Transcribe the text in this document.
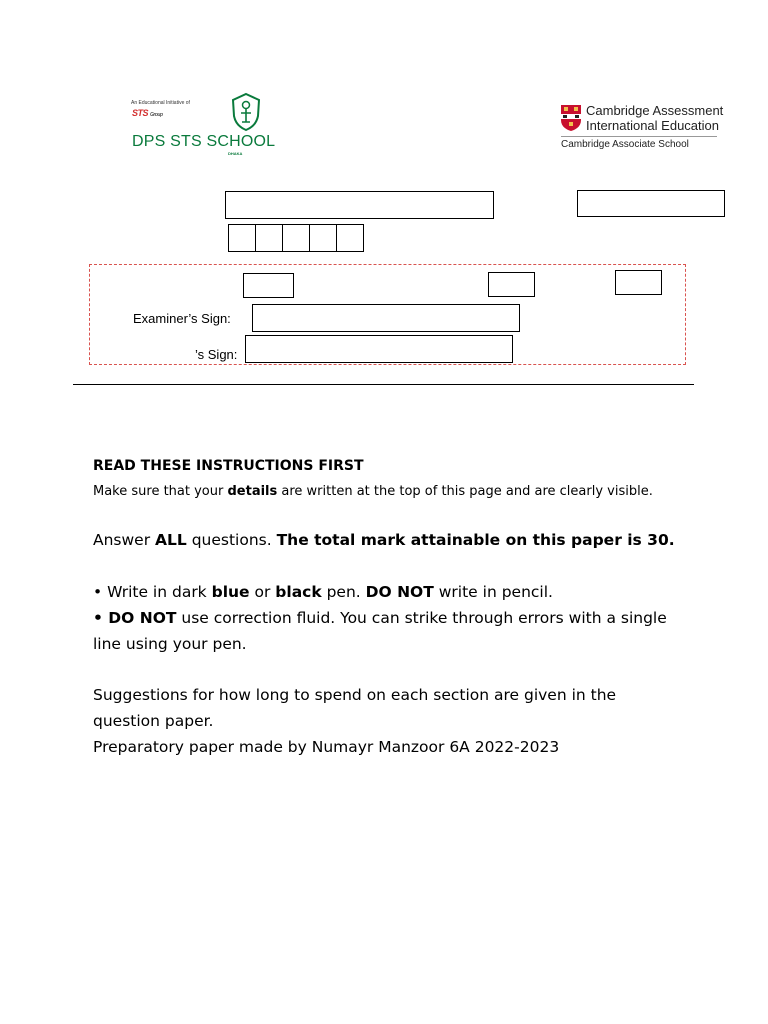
An Educational Initiative of
STS Group
DPS STS SCHOOL
DHAKA
Cambridge Assessment
International Education
Cambridge Associate School
Examiner’s Sign:
’s Sign:
READ THESE INSTRUCTIONS FIRST
Make sure that your details are written at the top of this page and are clearly visible.
Answer ALL questions. The total mark attainable on this paper is 30.
• Write in dark blue or black pen. DO NOT write in pencil.
• DO NOT use correction fluid. You can strike through errors with a single
line using your pen.
Suggestions for how long to spend on each section are given in the
question paper.
Preparatory paper made by Numayr Manzoor 6A 2022-2023
